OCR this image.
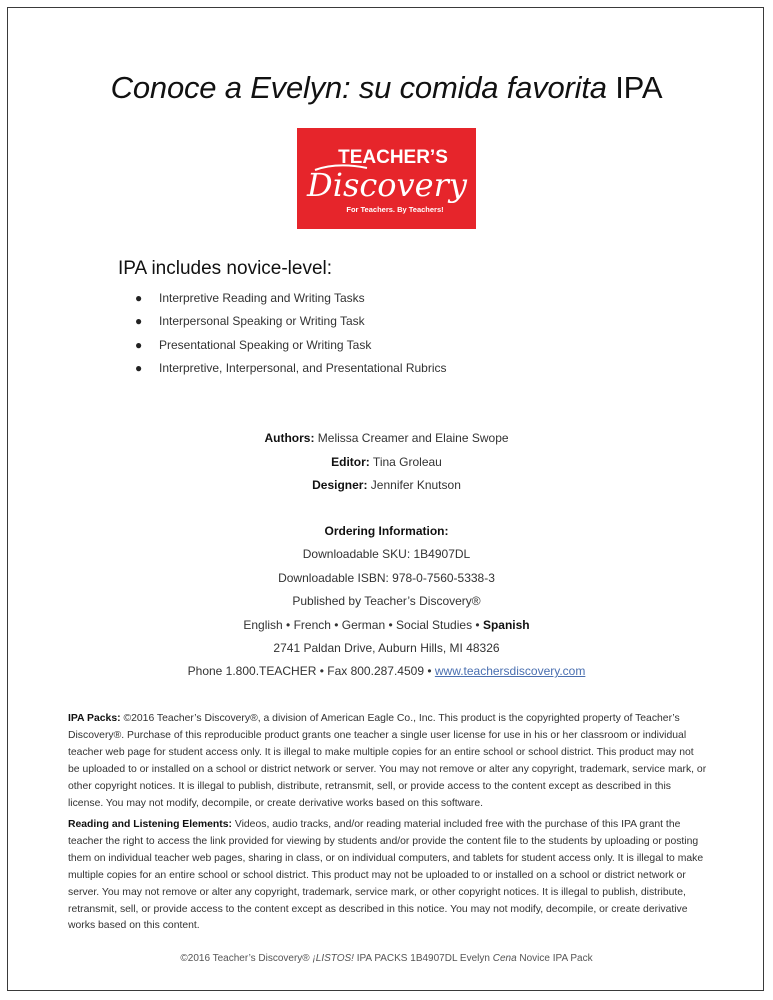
Conoce a Evelyn: su comida favorita IPA
TEACHER’S
Discovery
For Teachers. By Teachers!
IPA includes novice-level:
● Interpretive Reading and Writing Tasks
● Interpersonal Speaking or Writing Task
● Presentational Speaking or Writing Task
● Interpretive, Interpersonal, and Presentational Rubrics
Authors: Melissa Creamer and Elaine Swope
Editor: Tina Groleau
Designer: Jennifer Knutson
Ordering Information:
Downloadable SKU: 1B4907DL
Downloadable ISBN: 978-0-7560-5338-3
Published by Teacher’s Discovery®
English • French • German • Social Studies • Spanish
2741 Paldan Drive, Auburn Hills, MI 48326
Phone 1.800.TEACHER • Fax 800.287.4509 • www.teachersdiscovery.com
IPA Packs: ©2016 Teacher’s Discovery®, a division of American Eagle Co., Inc. This product is the copyrighted property of Teacher’s Discovery®. Purchase of this reproducible product grants one teacher a single user license for use in his or her classroom or individual teacher web page for student access only. It is illegal to make multiple copies for an entire school or school district. This product may not be uploaded to or installed on a school or district network or server. You may not remove or alter any copyright, trademark, service mark, or other copyright notices. It is illegal to publish, distribute, retransmit, sell, or provide access to the content except as described in this license. You may not modify, decompile, or create derivative works based on this software.
Reading and Listening Elements: Videos, audio tracks, and/or reading material included free with the purchase of this IPA grant the teacher the right to access the link provided for viewing by students and/or provide the content file to the students by uploading or posting them on individual teacher web pages, sharing in class, or on individual computers, and tablets for student access only. It is illegal to make multiple copies for an entire school or school district. This product may not be uploaded to or installed on a school or district network or server. You may not remove or alter any copyright, trademark, service mark, or other copyright notices. It is illegal to publish, distribute, retransmit, sell, or provide access to the content except as described in this notice. You may not modify, decompile, or create derivative works based on this content.
©2016 Teacher’s Discovery® ¡LISTOS! IPA PACKS 1B4907DL Evelyn Cena Novice IPA Pack
